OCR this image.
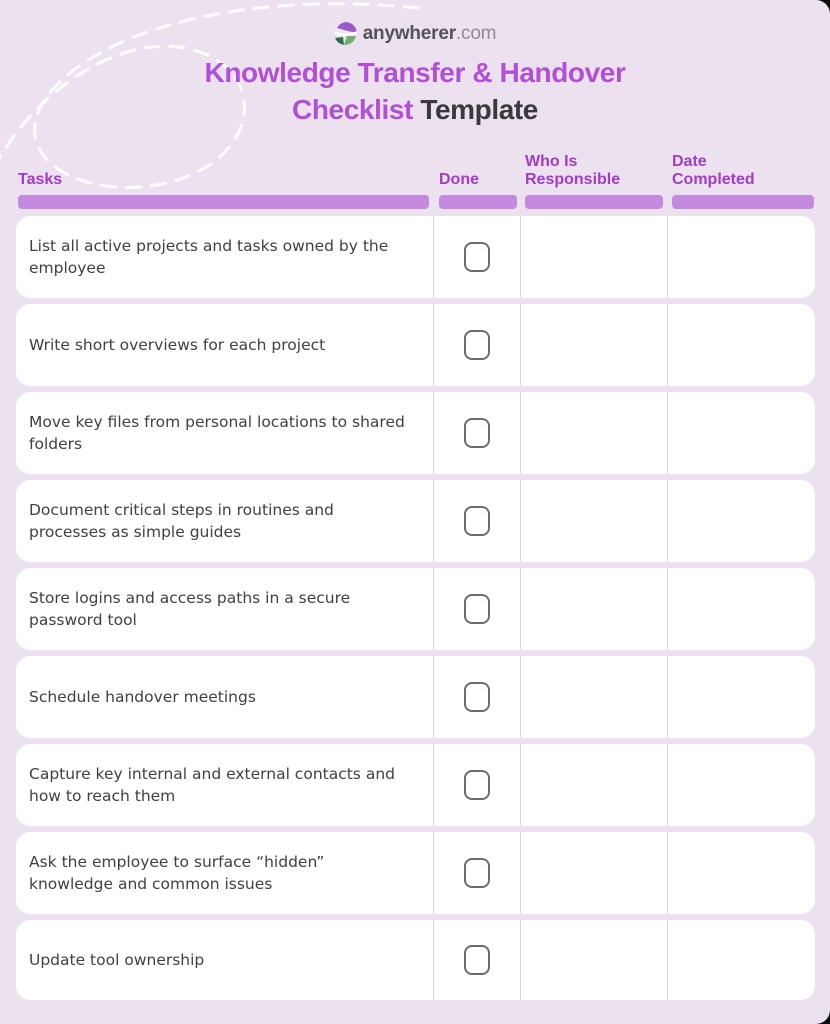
anywherer.com
Knowledge Transfer & Handover
Checklist Template
Tasks	Done
Who Is Responsible
Date Completed
List all active projects and tasks owned by the employee
Write short overviews for each project
Move key files from personal locations to shared folders
Document critical steps in routines and processes as simple guides
Store logins and access paths in a secure password tool
Schedule handover meetings
Capture key internal and external contacts and how to reach them
Ask the employee to surface “hidden” knowledge and common issues
Update tool ownership
